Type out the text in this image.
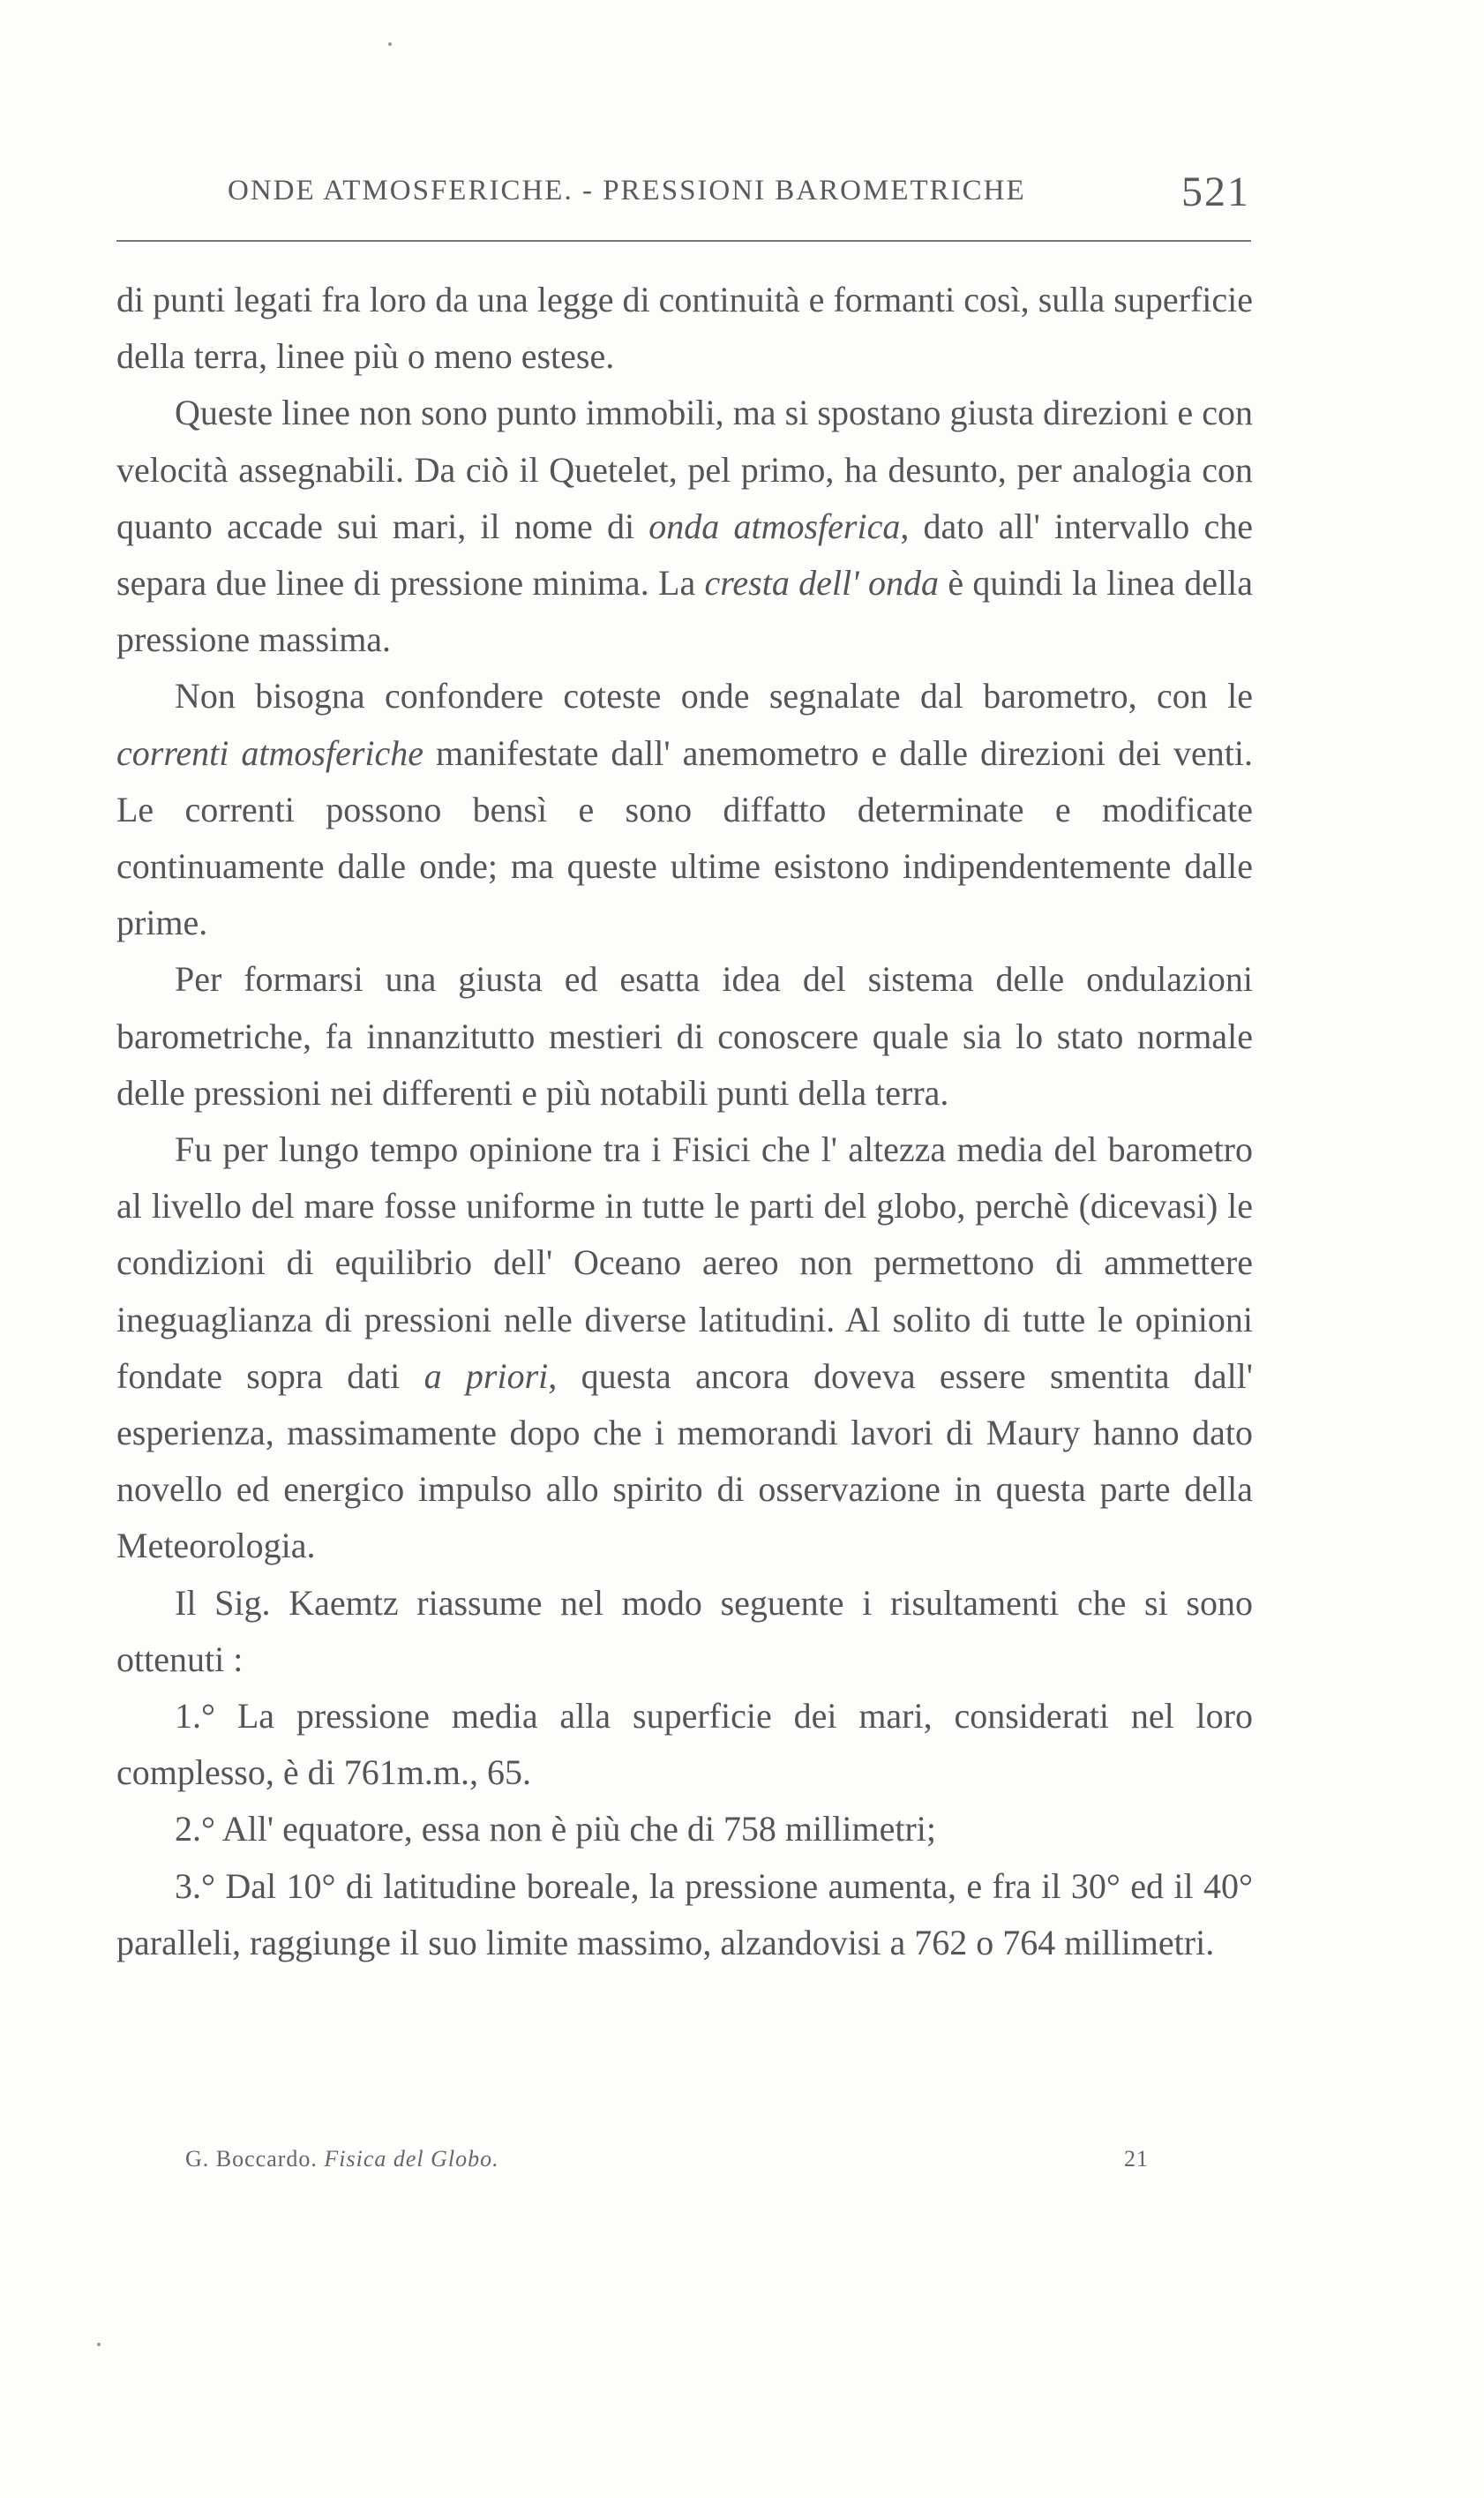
ONDE ATMOSFERICHE. - PRESSIONI BAROMETRICHE	521

di punti legati fra loro da una legge di continuità e formanti così, sulla superficie della terra, linee più o meno estese.

Queste linee non sono punto immobili, ma si spostano giusta direzioni e con velocità assegnabili. Da ciò il Quetelet, pel primo, ha desunto, per analogia con quanto accade sui mari, il nome di onda atmosferica, dato all' intervallo che separa due linee di pressione minima. La cresta dell' onda è quindi la linea della pressione massima.

Non bisogna confondere coteste onde segnalate dal barometro, con le correnti atmosferiche manifestate dall' anemometro e dalle direzioni dei venti. Le correnti possono bensì e sono diffatto determinate e modificate continuamente dalle onde; ma queste ultime esistono indipendentemente dalle prime.

Per formarsi una giusta ed esatta idea del sistema delle ondulazioni barometriche, fa innanzitutto mestieri di conoscere quale sia lo stato normale delle pressioni nei differenti e più notabili punti della terra.

Fu per lungo tempo opinione tra i Fisici che l' altezza media del barometro al livello del mare fosse uniforme in tutte le parti del globo, perchè (dicevasi) le condizioni di equilibrio dell' Oceano aereo non permettono di ammettere ineguaglianza di pressioni nelle diverse latitudini. Al solito di tutte le opinioni fondate sopra dati a priori, questa ancora doveva essere smentita dall' esperienza, massimamente dopo che i memorandi lavori di Maury hanno dato novello ed energico impulso allo spirito di osservazione in questa parte della Meteorologia.

Il Sig. Kaemtz riassume nel modo seguente i risultamenti che si sono ottenuti :

1.° La pressione media alla superficie dei mari, considerati nel loro complesso, è di 761m.m., 65.

2.° All' equatore, essa non è più che di 758 millimetri;

3.° Dal 10° di latitudine boreale, la pressione aumenta, e fra il 30° ed il 40° paralleli, raggiunge il suo limite massimo, alzandovisi a 762 o 764 millimetri.

G. Boccardo. Fisica del Globo.	21
